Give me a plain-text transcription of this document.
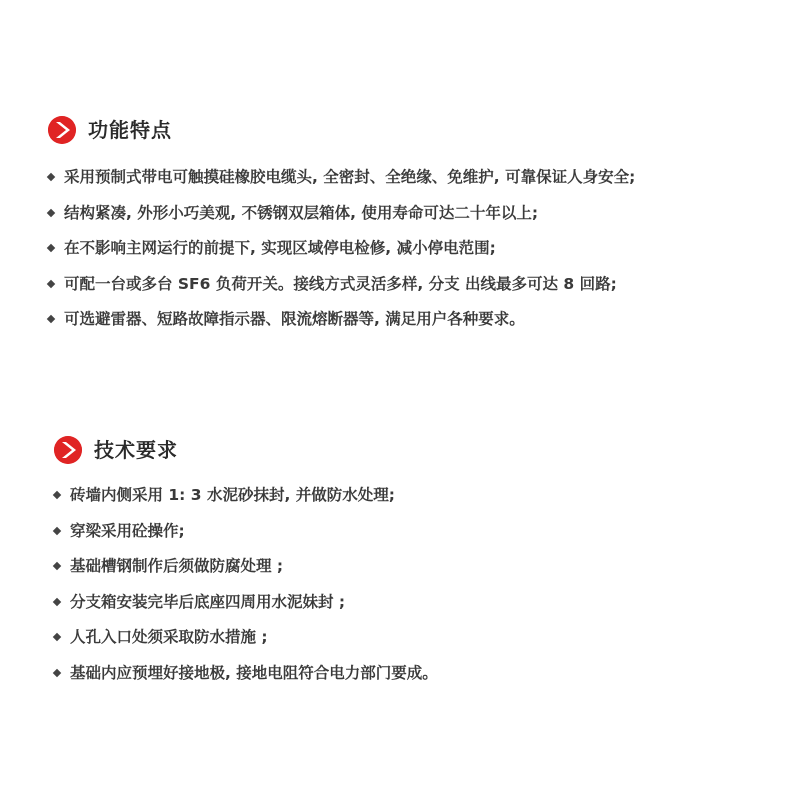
功能特点
采用预制式带电可触摸硅橡胶电缆头, 全密封、全绝缘、免维护, 可靠保证人身安全;
结构紧凑, 外形小巧美观, 不锈钢双层箱体, 使用寿命可达二十年以上;
在不影响主网运行的前提下, 实现区域停电检修, 减小停电范围;
可配一台或多台 SF6 负荷开关。接线方式灵活多样, 分支 出线最多可达 8 回路;
可选避雷器、短路故障指示器、限流熔断器等, 满足用户各种要求。
技术要求
砖墙内侧采用 1: 3 水泥砂抹封, 并做防水处理;
穿梁采用砼操作;
基础槽钢制作后须做防腐处理 ;
分支箱安装完毕后底座四周用水泥妹封 ;
人孔入口处须采取防水措施 ;
基础内应预埋好接地极, 接地电阻符合电力部门要成。
